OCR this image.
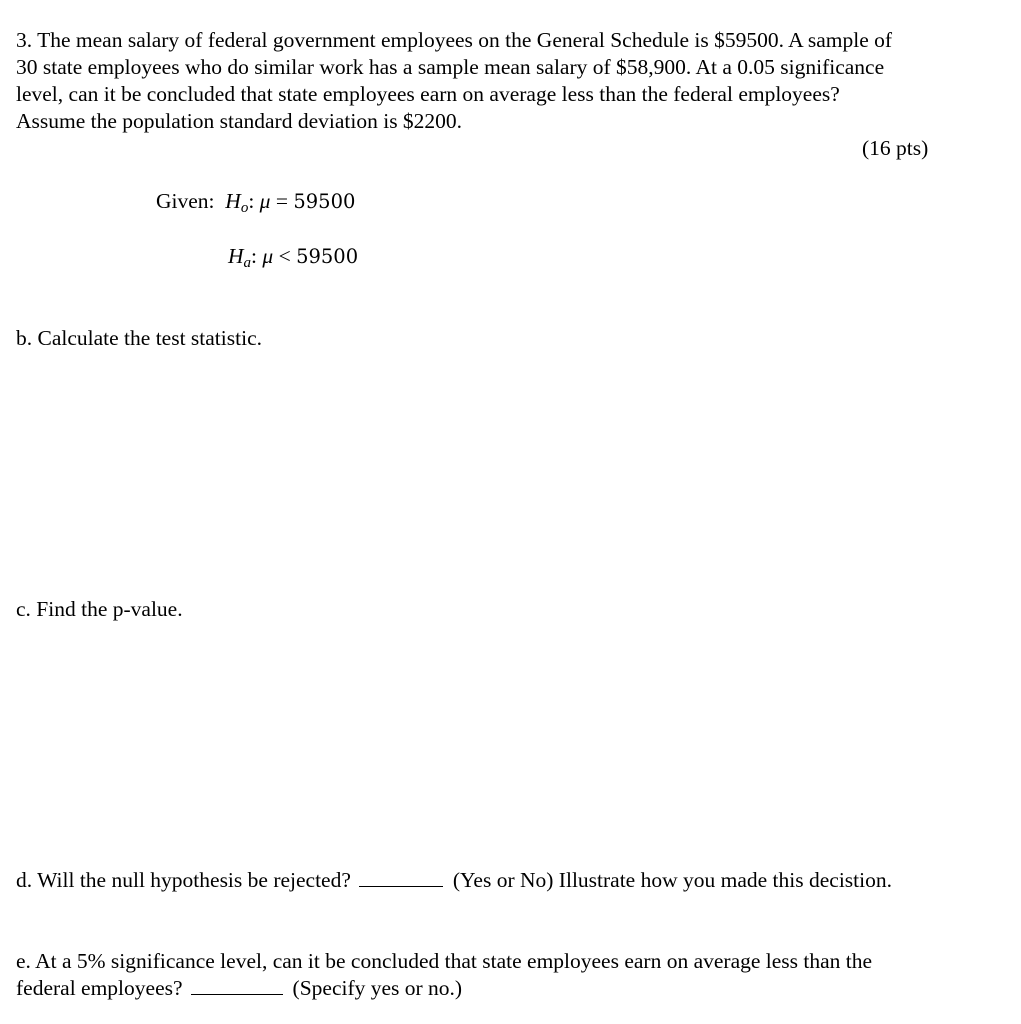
3. The mean salary of federal government employees on the General Schedule is $59500. A sample of
30 state employees who do similar work has a sample mean salary of $58,900. At a 0.05 significance
level, can it be concluded that state employees earn on average less than the federal employees?
Assume the population standard deviation is $2200.
(16 pts)
Given: $H_o$: μ = 59500
$H_a$: μ < 59500
b. Calculate the test statistic.
c. Find the p-value.
d. Will the null hypothesis be rejected?	(Yes or No) Illustrate how you made this decistion.
e. At a 5% significance level, can it be concluded that state employees earn on average less than the
federal employees?	(Specify yes or no.)
